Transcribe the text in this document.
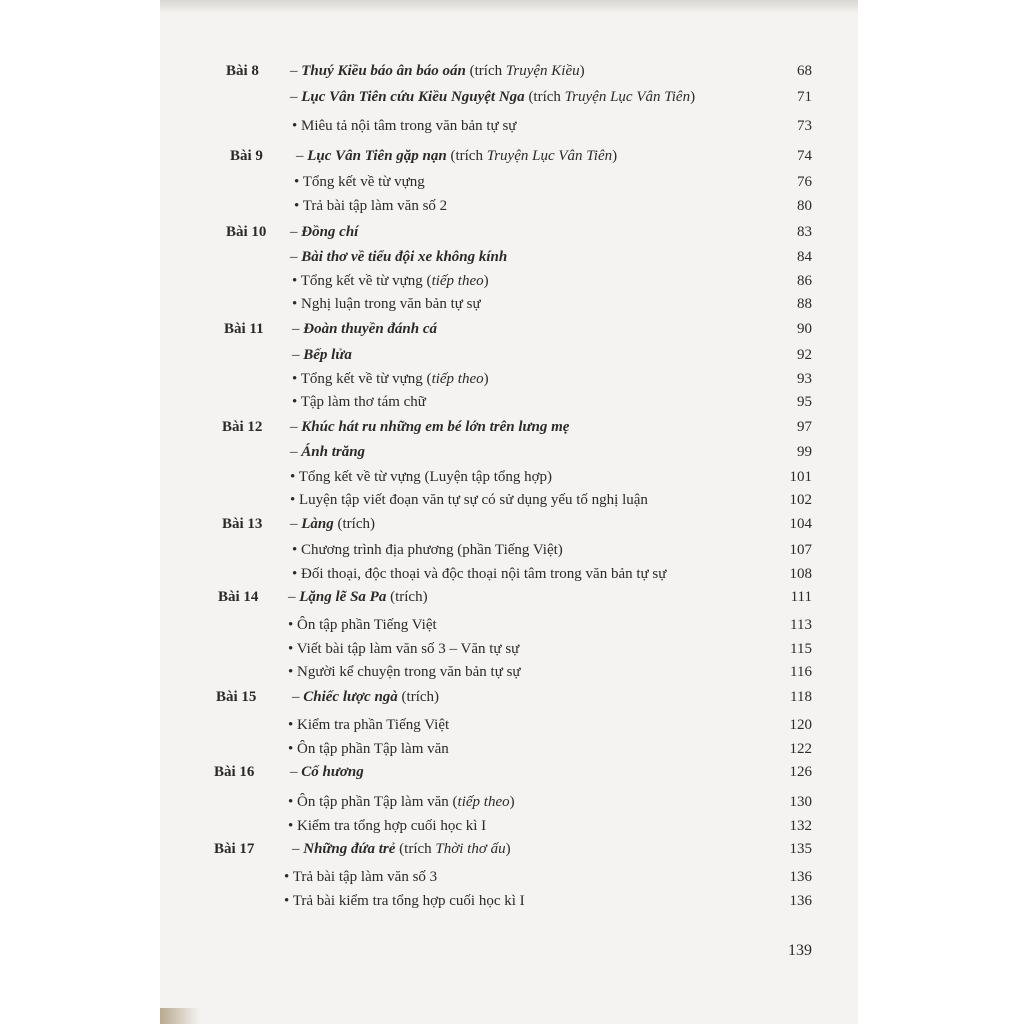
Bài 8 – Thuý Kiều báo ân báo oán (trích Truyện Kiều)	68
– Lục Vân Tiên cứu Kiều Nguyệt Nga (trích Truyện Lục Vân Tiên)	71
• Miêu tả nội tâm trong văn bản tự sự	73
Bài 9 – Lục Vân Tiên gặp nạn (trích Truyện Lục Vân Tiên)	74
• Tổng kết về từ vựng	76
• Trả bài tập làm văn số 2	80
Bài 10 – Đồng chí	83
– Bài thơ về tiểu đội xe không kính	84
• Tổng kết về từ vựng (tiếp theo)	86
• Nghị luận trong văn bản tự sự	88
Bài 11 – Đoàn thuyền đánh cá	90
– Bếp lửa	92
• Tổng kết về từ vựng (tiếp theo)	93
• Tập làm thơ tám chữ	95
Bài 12 – Khúc hát ru những em bé lớn trên lưng mẹ	97
– Ánh trăng	99
• Tổng kết về từ vựng (Luyện tập tổng hợp)	101
• Luyện tập viết đoạn văn tự sự có sử dụng yếu tố nghị luận	102
Bài 13 – Làng (trích)	104
• Chương trình địa phương (phần Tiếng Việt)	107
• Đối thoại, độc thoại và độc thoại nội tâm trong văn bản tự sự	108
Bài 14 – Lặng lẽ Sa Pa (trích)	111
• Ôn tập phần Tiếng Việt	113
• Viết bài tập làm văn số 3 – Văn tự sự	115
• Người kể chuyện trong văn bản tự sự	116
Bài 15 – Chiếc lược ngà (trích)	118
• Kiểm tra phần Tiếng Việt	120
• Ôn tập phần Tập làm văn	122
Bài 16 – Cố hương	126
• Ôn tập phần Tập làm văn (tiếp theo)	130
• Kiểm tra tổng hợp cuối học kì I	132
Bài 17	– Những đứa trẻ (trích Thời thơ ấu)	135
• Trả bài tập làm văn số 3	136
• Trả bài kiểm tra tổng hợp cuối học kì I	136
139
